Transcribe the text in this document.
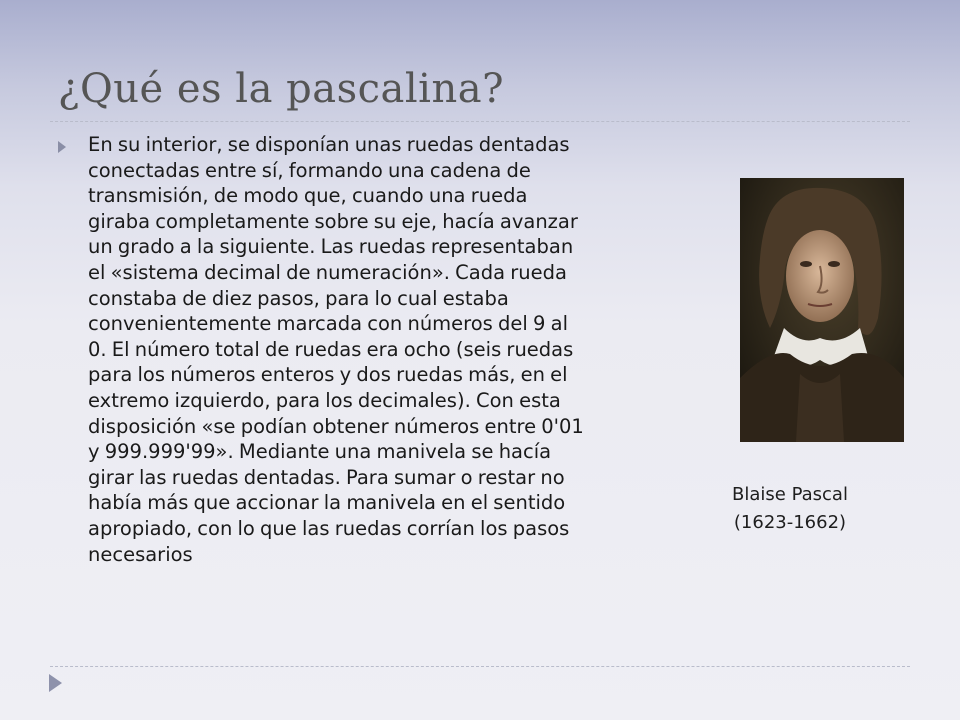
¿Qué es la pascalina?

En su interior, se disponían unas ruedas dentadas conectadas entre sí, formando una cadena de transmisión, de modo que, cuando una rueda giraba completamente sobre su eje, hacía avanzar un grado a la siguiente. Las ruedas representaban el «sistema decimal de numeración». Cada rueda constaba de diez pasos, para lo cual estaba convenientemente marcada con números del 9 al 0. El número total de ruedas era ocho (seis ruedas para los números enteros y dos ruedas más, en el extremo izquierdo, para los decimales). Con esta disposición «se podían obtener números entre 0'01 y 999.999'99». Mediante una manivela se hacía girar las ruedas dentadas. Para sumar o restar no había más que accionar la manivela en el sentido apropiado, con lo que las ruedas corrían los pasos necesarios

Blaise Pascal
(1623-1662)
